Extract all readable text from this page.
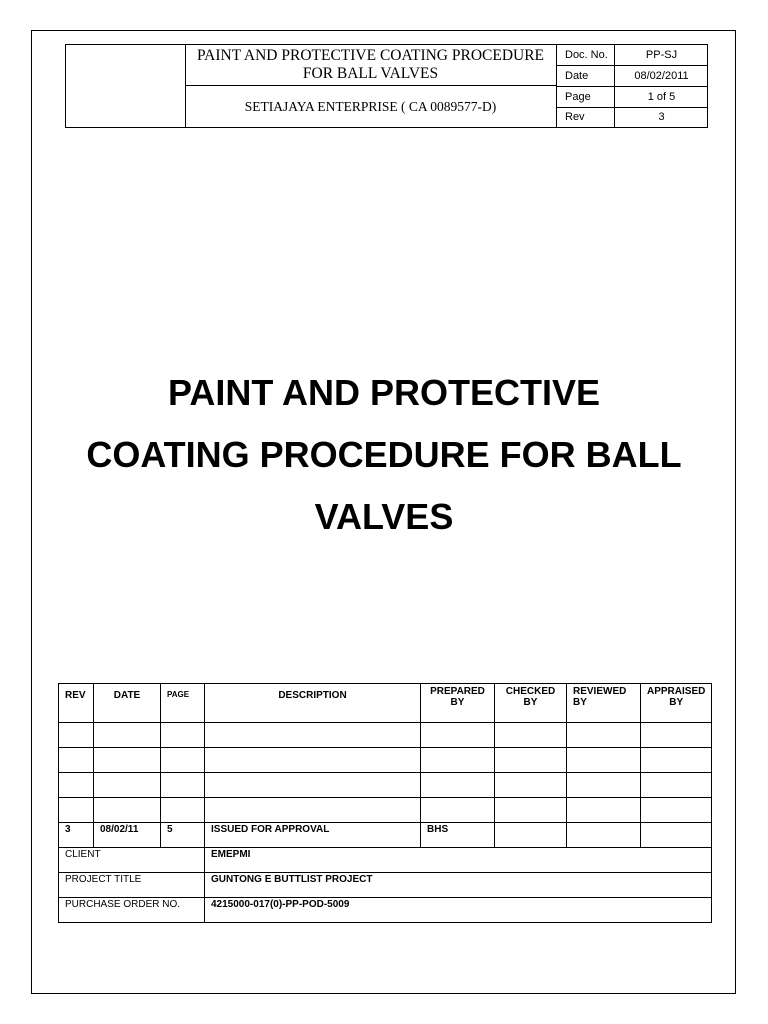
PAINT AND PROTECTIVE COATING PROCEDURE FOR BALL VALVES
SETIAJAYA ENTERPRISE ( CA 0089577-D)
Doc. No.	PP-SJ
Date	08/02/2011
Page	1 of 5
Rev	3
PAINT AND PROTECTIVE
COATING PROCEDURE FOR BALL
VALVES
REV	DATE	PAGE	DESCRIPTION	PREPARED BY	CHECKED BY	REVIEWED BY	APPRAISED BY

3	08/02/11	5	ISSUED FOR APPROVAL	BHS			
CLIENT			EMEPMI				
PROJECT TITLE			GUNTONG E BUTTLIST PROJECT				
PURCHASE ORDER NO.			4215000-017(0)-PP-POD-5009				
